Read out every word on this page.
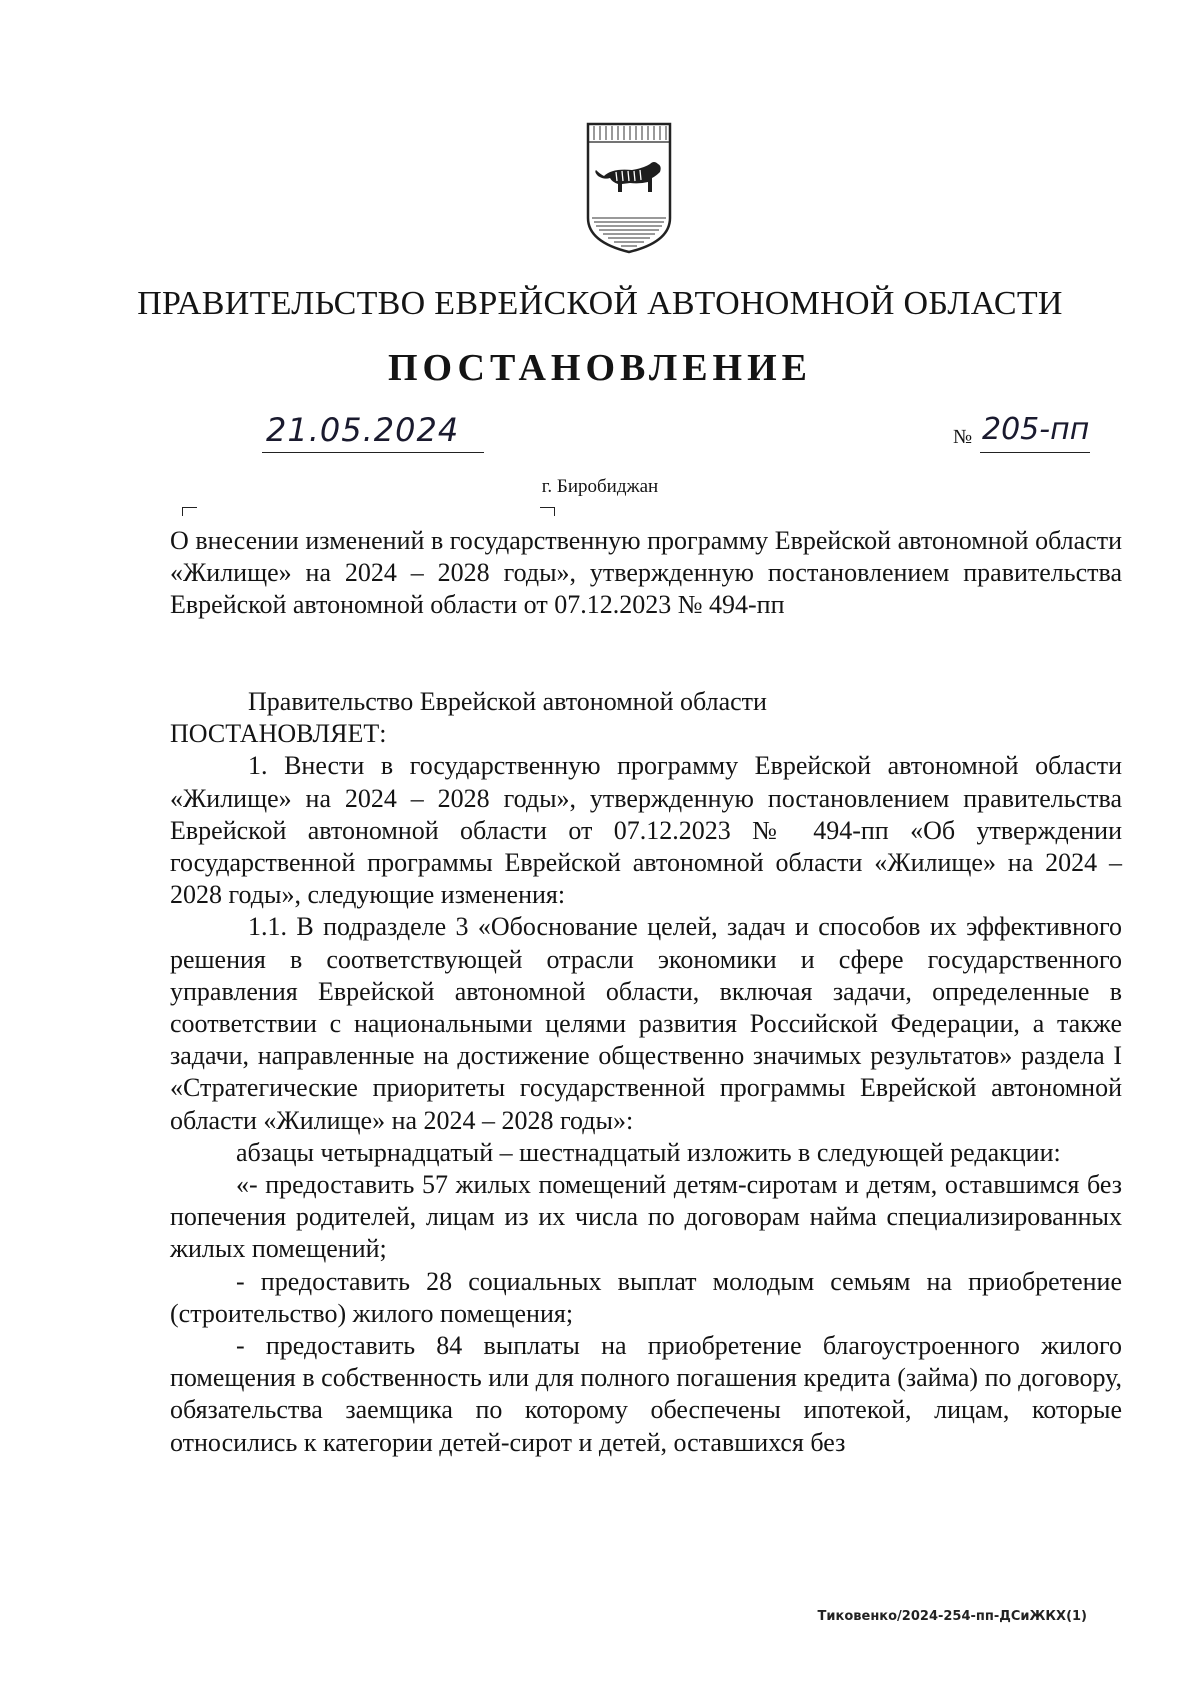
ПРАВИТЕЛЬСТВО ЕВРЕЙСКОЙ АВТОНОМНОЙ ОБЛАСТИ
ПОСТАНОВЛЕНИЕ
21.05.2024	№ 205-пп
г. Биробиджан
О внесении изменений в государственную программу Еврейской автономной области «Жилище» на 2024 – 2028 годы», утвержденную постановлением правительства Еврейской автономной области от 07.12.2023 № 494-пп

Правительство Еврейской автономной области

ПОСТАНОВЛЯЕТ:

1. Внести в государственную программу Еврейской автономной области «Жилище» на 2024 – 2028 годы», утвержденную постановлением правительства Еврейской автономной области от 07.12.2023 № 494-пп «Об утверждении государственной программы Еврейской автономной области «Жилище» на 2024 – 2028 годы», следующие изменения:

1.1. В подразделе 3 «Обоснование целей, задач и способов их эффективного решения в соответствующей отрасли экономики и сфере государственного управления Еврейской автономной области, включая задачи, определенные в соответствии с национальными целями развития Российской Федерации, а также задачи, направленные на достижение общественно значимых результатов» раздела I «Стратегические приоритеты государственной программы Еврейской автономной области «Жилище» на 2024 – 2028 годы»:

абзацы четырнадцатый – шестнадцатый изложить в следующей редакции:

«- предоставить 57 жилых помещений детям-сиротам и детям, оставшимся без попечения родителей, лицам из их числа по договорам найма специализированных жилых помещений;

- предоставить 28 социальных выплат молодым семьям на приобретение (строительство) жилого помещения;

- предоставить 84 выплаты на приобретение благоустроенного жилого помещения в собственность или для полного погашения кредита (займа) по договору, обязательства заемщика по которому обеспечены ипотекой, лицам, которые относились к категории детей-сирот и детей, оставшихся без

Тиковенко/2024-254-пп-ДСиЖКХ(1)
